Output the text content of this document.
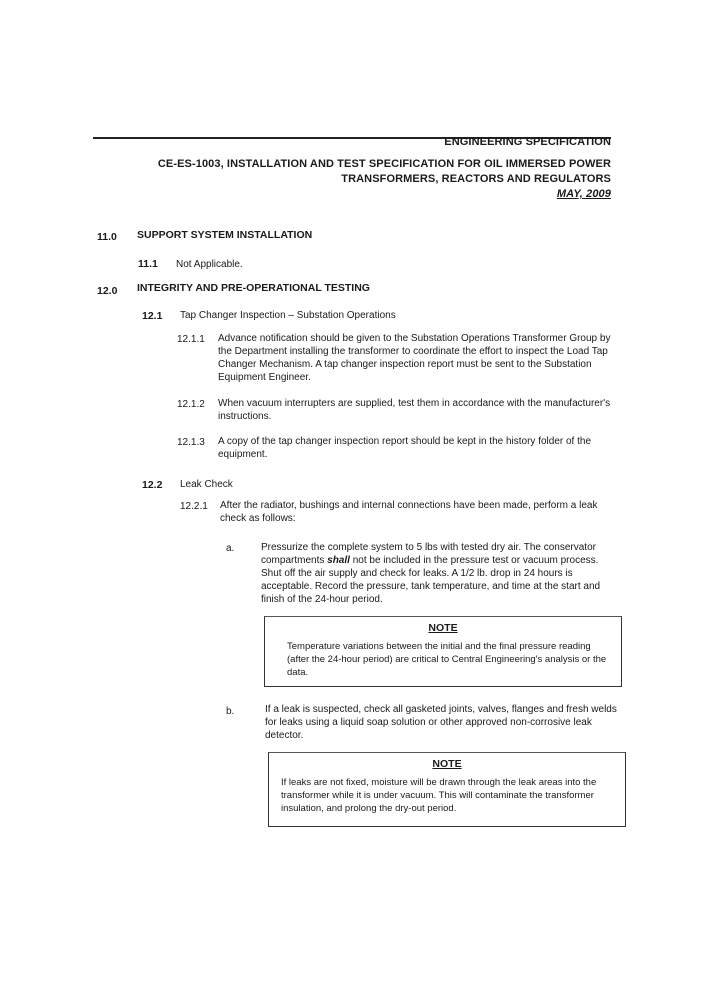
ENGINEERING SPECIFICATION
CE-ES-1003, INSTALLATION AND TEST SPECIFICATION FOR OIL IMMERSED POWER TRANSFORMERS, REACTORS AND REGULATORS
MAY, 2009
11.0 SUPPORT SYSTEM INSTALLATION
11.1 Not Applicable.
12.0 INTEGRITY AND PRE-OPERATIONAL TESTING
12.1 Tap Changer Inspection – Substation Operations
12.1.1 Advance notification should be given to the Substation Operations Transformer Group by the Department installing the transformer to coordinate the effort to inspect the Load Tap Changer Mechanism. A tap changer inspection report must be sent to the Substation Equipment Engineer.
12.1.2 When vacuum interrupters are supplied, test them in accordance with the manufacturer's instructions.
12.1.3 A copy of the tap changer inspection report should be kept in the history folder of the equipment.
12.2 Leak Check
12.2.1 After the radiator, bushings and internal connections have been made, perform a leak check as follows:
a.	Pressurize the complete system to 5 lbs with tested dry air. The conservator compartments shall not be included in the pressure test or vacuum process. Shut off the air supply and check for leaks. A 1/2 lb. drop in 24 hours is acceptable. Record the pressure, tank temperature, and time at the start and finish of the 24-hour period.
NOTE
Temperature variations between the initial and the final pressure reading (after the 24-hour period) are critical to Central Engineering's analysis or the data.
b.	If a leak is suspected, check all gasketed joints, valves, flanges and fresh welds for leaks using a liquid soap solution or other approved non-corrosive leak detector.
NOTE
If leaks are not fixed, moisture will be drawn through the leak areas into the transformer while it is under vacuum. This will contaminate the transformer insulation, and prolong the dry-out period.
